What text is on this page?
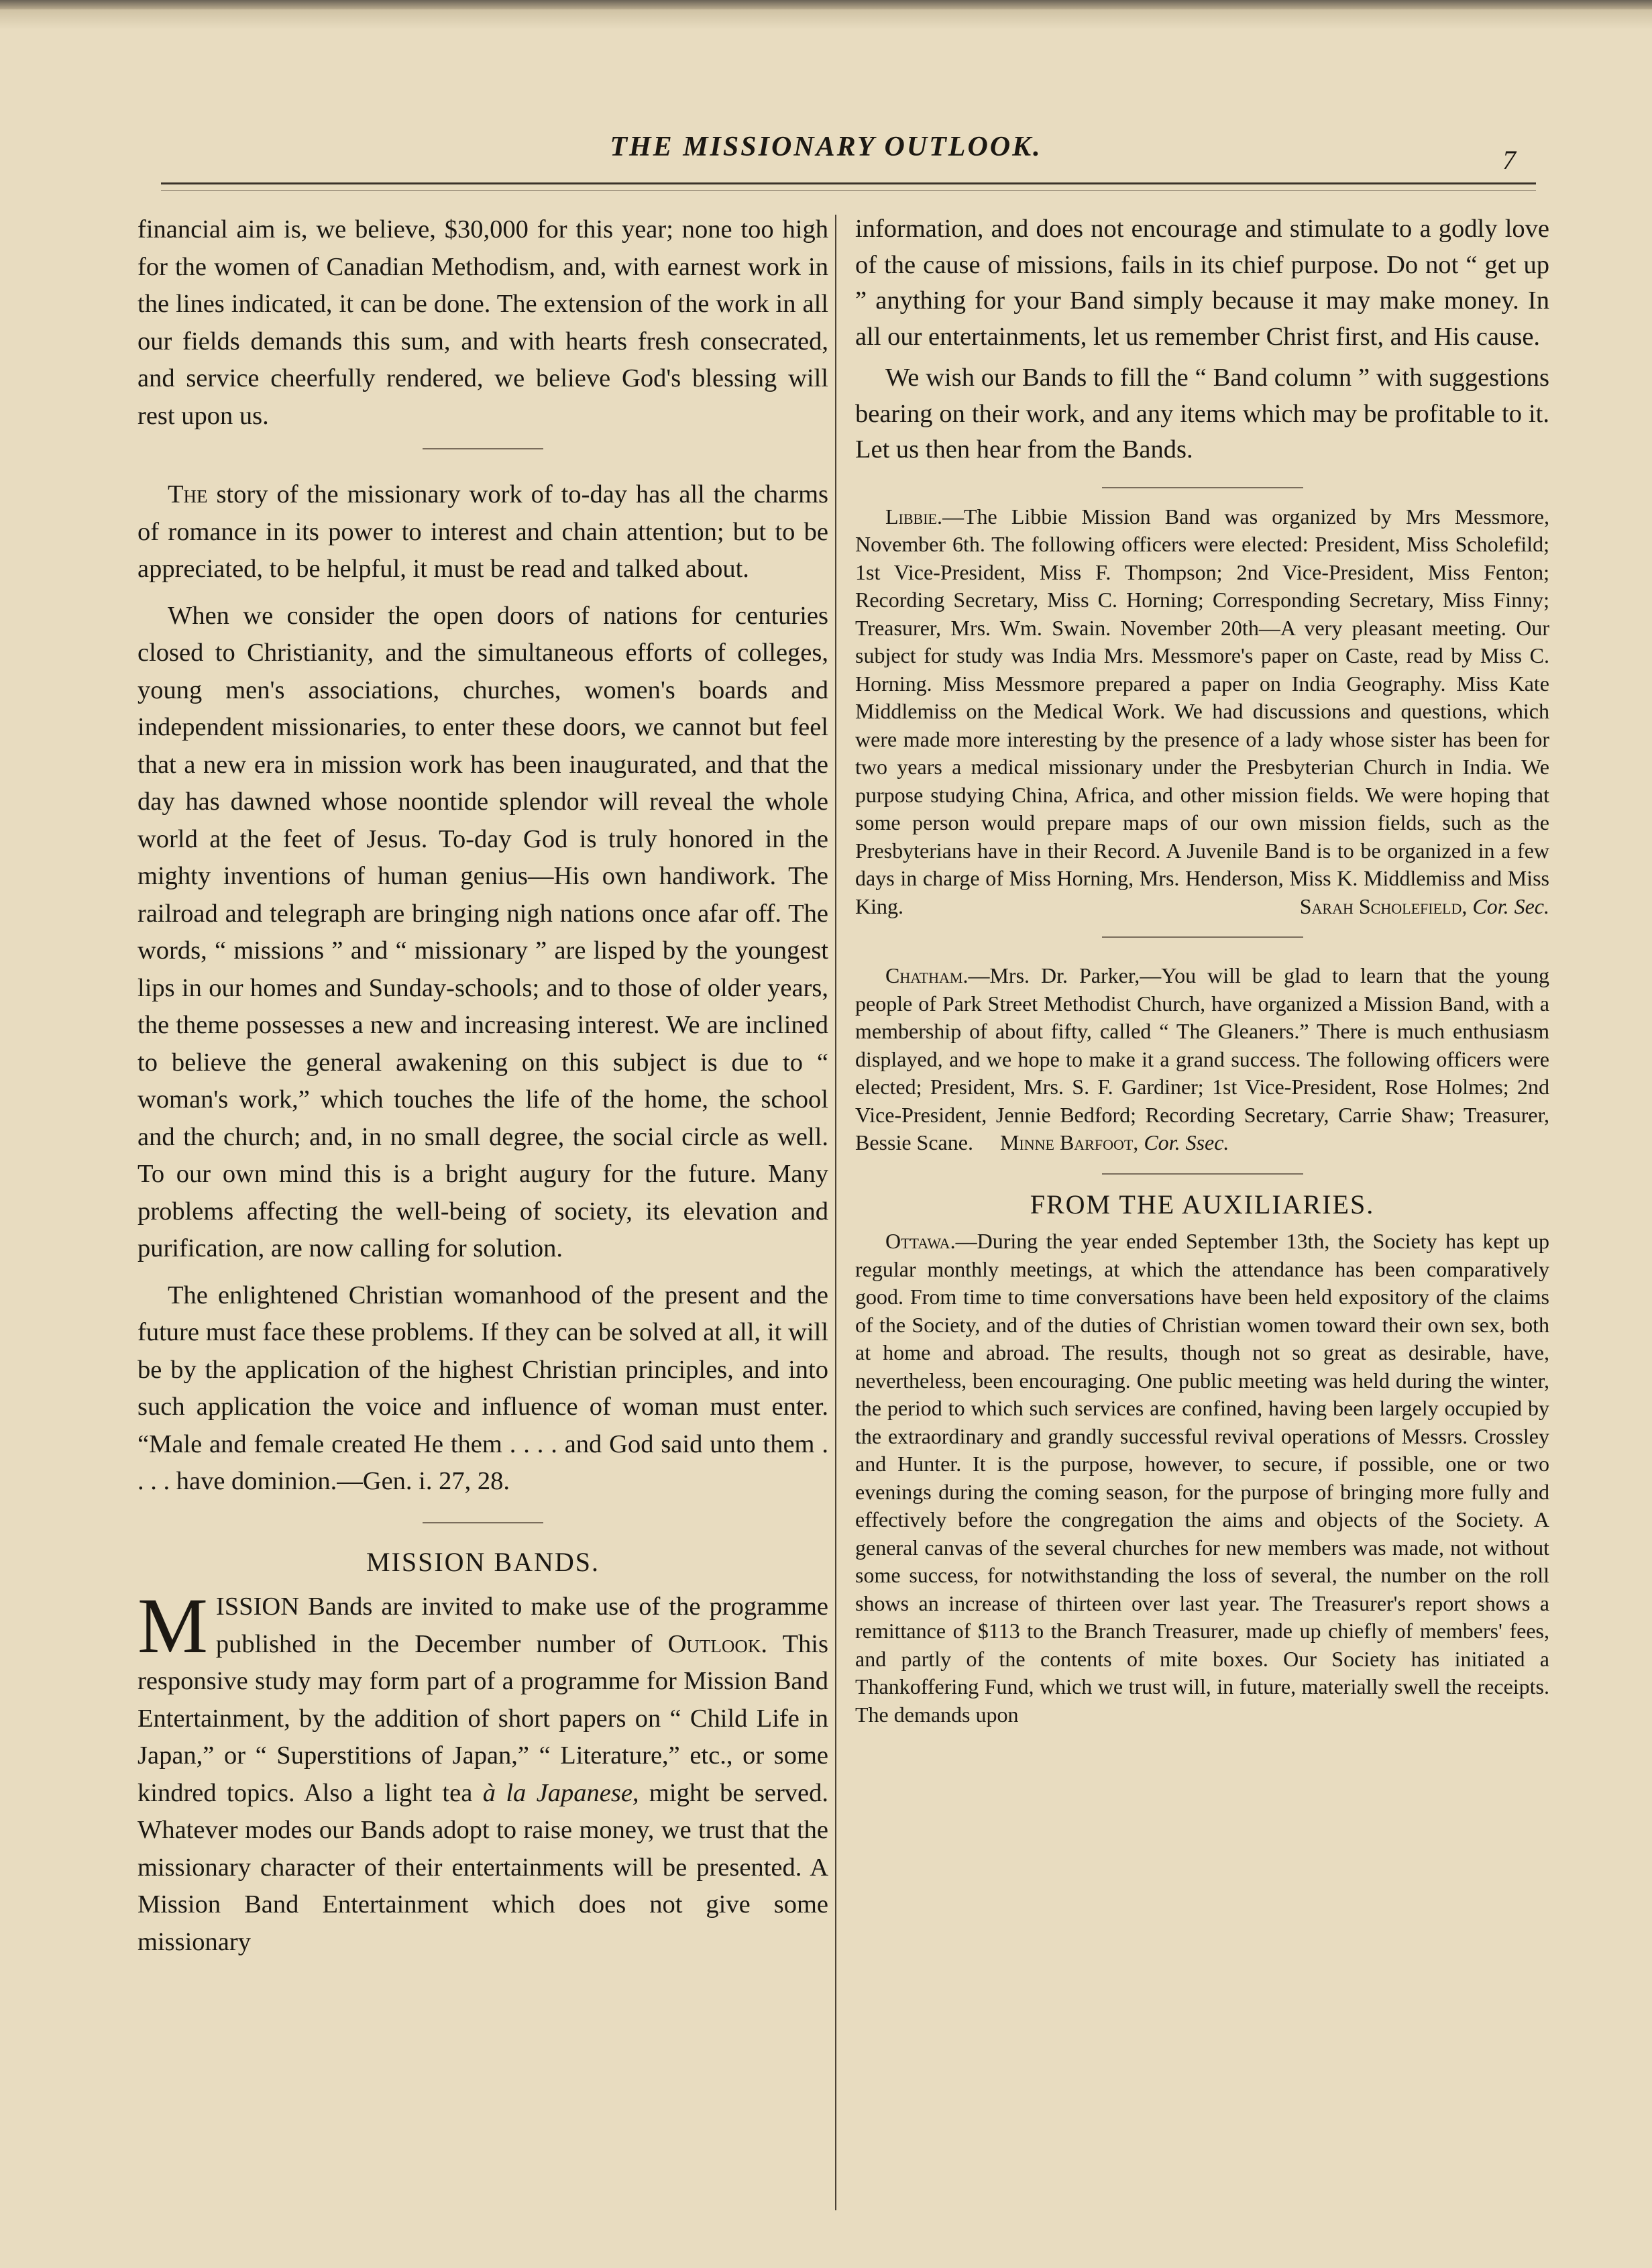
THE MISSIONARY OUTLOOK.	7

financial aim is, we believe, $30,000 for this year; none too high for the women of Canadian Methodism, and, with earnest work in the lines indicated, it can be done. The extension of the work in all our fields demands this sum, and with hearts fresh consecrated, and service cheerfully rendered, we believe God's blessing will rest upon us.

The story of the missionary work of to-day has all the charms of romance in its power to interest and chain attention; but to be appreciated, to be helpful, it must be read and talked about.

When we consider the open doors of nations for centuries closed to Christianity, and the simultaneous efforts of colleges, young men's associations, churches, women's boards and independent missionaries, to enter these doors, we cannot but feel that a new era in mission work has been inaugurated, and that the day has dawned whose noontide splendor will reveal the whole world at the feet of Jesus. To-day God is truly honored in the mighty inventions of human genius—His own handiwork. The railroad and telegraph are bringing nigh nations once afar off. The words, “ missions ” and “ missionary ” are lisped by the youngest lips in our homes and Sunday-schools; and to those of older years, the theme possesses a new and increasing interest. We are inclined to believe the general awakening on this subject is due to “ woman's work,” which touches the life of the home, the school and the church; and, in no small degree, the social circle as well. To our own mind this is a bright augury for the future. Many problems affecting the well-being of society, its elevation and purification, are now calling for solution.

The enlightened Christian womanhood of the present and the future must face these problems. If they can be solved at all, it will be by the application of the highest Christian principles, and into such application the voice and influence of woman must enter. “Male and female created He them . . . . and God said unto them . . . . have dominion.—Gen. i. 27, 28.

MISSION BANDS.

MISSION Bands are invited to make use of the programme published in the December number of Outlook. This responsive study may form part of a programme for Mission Band Entertainment, by the addition of short papers on “ Child Life in Japan,” or “ Superstitions of Japan,” “ Literature,” etc., or some kindred topics. Also a light tea à la Japanese, might be served. Whatever modes our Bands adopt to raise money, we trust that the missionary character of their entertainments will be presented. A Mission Band Entertainment which does not give some missionary

information, and does not encourage and stimulate to a godly love of the cause of missions, fails in its chief purpose. Do not “ get up ” anything for your Band simply because it may make money. In all our entertainments, let us remember Christ first, and His cause.

We wish our Bands to fill the “ Band column ” with suggestions bearing on their work, and any items which may be profitable to it. Let us then hear from the Bands.

Libbie.—The Libbie Mission Band was organized by Mrs Messmore, November 6th. The following officers were elected: President, Miss Scholefild; 1st Vice-President, Miss F. Thompson; 2nd Vice-President, Miss Fenton; Recording Secretary, Miss C. Horning; Corresponding Secretary, Miss Finny; Treasurer, Mrs. Wm. Swain. November 20th—A very pleasant meeting. Our subject for study was India Mrs. Messmore's paper on Caste, read by Miss C. Horning. Miss Messmore prepared a paper on India Geography. Miss Kate Middlemiss on the Medical Work. We had discussions and questions, which were made more interesting by the presence of a lady whose sister has been for two years a medical missionary under the Presbyterian Church in India. We purpose studying China, Africa, and other mission fields. We were hoping that some person would prepare maps of our own mission fields, such as the Presbyterians have in their Record. A Juvenile Band is to be organized in a few days in charge of Miss Horning, Mrs. Henderson, Miss K. Middlemiss and Miss King.	Sarah Scholefield, Cor. Sec.

Chatham.—Mrs. Dr. Parker,—You will be glad to learn that the young people of Park Street Methodist Church, have organized a Mission Band, with a membership of about fifty, called “ The Gleaners.” There is much enthusiasm displayed, and we hope to make it a grand success. The following officers were elected; President, Mrs. S. F. Gardiner; 1st Vice-President, Rose Holmes; 2nd Vice-President, Jennie Bedford; Recording Secretary, Carrie Shaw; Treasurer, Bessie Scane. Minne Barfoot, Cor. Ssec.

FROM THE AUXILIARIES.

Ottawa.—During the year ended September 13th, the Society has kept up regular monthly meetings, at which the attendance has been comparatively good. From time to time conversations have been held expository of the claims of the Society, and of the duties of Christian women toward their own sex, both at home and abroad. The results, though not so great as desirable, have, nevertheless, been encouraging. One public meeting was held during the winter, the period to which such services are confined, having been largely occupied by the extraordinary and grandly successful revival operations of Messrs. Crossley and Hunter. It is the purpose, however, to secure, if possible, one or two evenings during the coming season, for the purpose of bringing more fully and effectively before the congregation the aims and objects of the Society. A general canvas of the several churches for new members was made, not without some success, for notwithstanding the loss of several, the number on the roll shows an increase of thirteen over last year. The Treasurer's report shows a remittance of $113 to the Branch Treasurer, made up chiefly of members' fees, and partly of the contents of mite boxes. Our Society has initiated a Thankoffering Fund, which we trust will, in future, materially swell the receipts. The demands upon
